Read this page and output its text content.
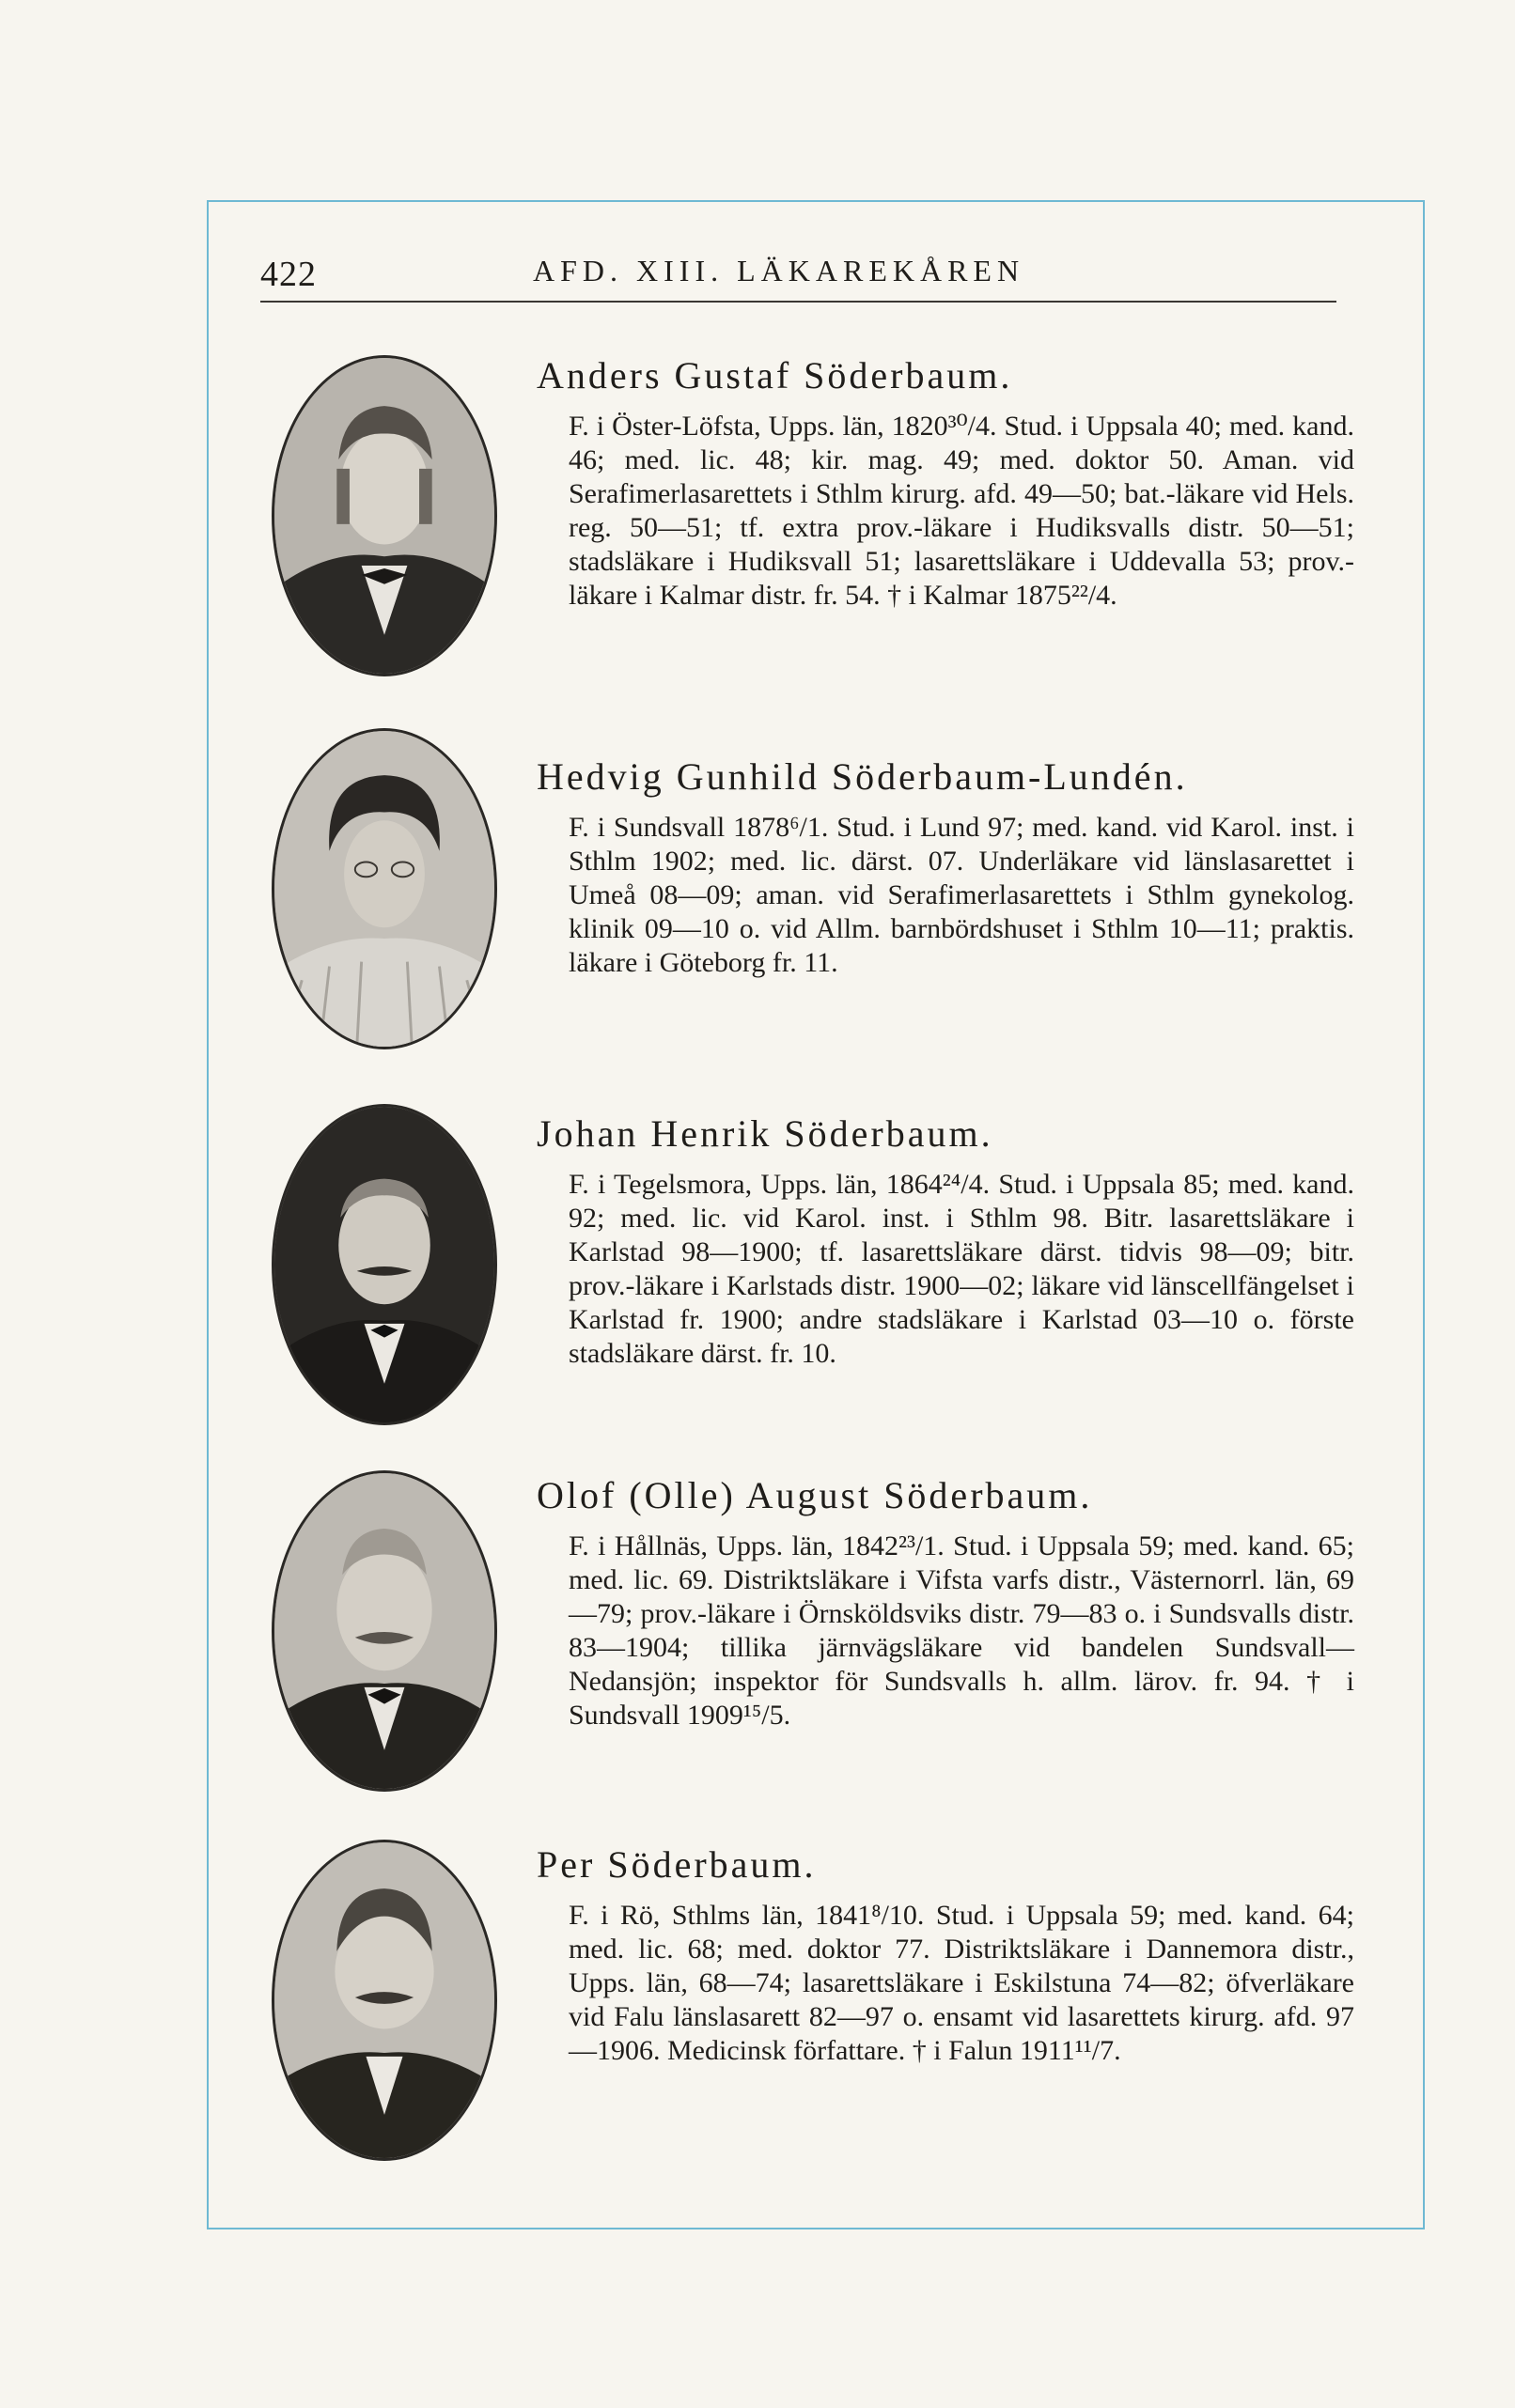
422	AFD. XIII. LÄKAREKÅREN
Anders Gustaf Söderbaum.

F. i Öster-Löfsta, Upps. län, 1820³⁰/4. Stud. i Uppsala 40; med. kand. 46; med. lic. 48; kir. mag. 49; med. doktor 50. Aman. vid Serafimerlasarettets i Sthlm kirurg. afd. 49—50; bat.-läkare vid Hels. reg. 50—51; tf. extra prov.-läkare i Hudiksvalls distr. 50—51; stadsläkare i Hudiksvall 51; lasarettsläkare i Uddevalla 53; prov.-läkare i Kalmar distr. fr. 54. † i Kalmar 1875²²/4.

Hedvig Gunhild Söderbaum-Lundén.

F. i Sundsvall 1878⁶/1. Stud. i Lund 97; med. kand. vid Karol. inst. i Sthlm 1902; med. lic. därst. 07. Underläkare vid länslasarettet i Umeå 08—09; aman. vid Serafimerlasarettets i Sthlm gynekolog. klinik 09—10 o. vid Allm. barnbördshuset i Sthlm 10—11; praktis. läkare i Göteborg fr. 11.

Johan Henrik Söderbaum.

F. i Tegelsmora, Upps. län, 1864²⁴/4. Stud. i Uppsala 85; med. kand. 92; med. lic. vid Karol. inst. i Sthlm 98. Bitr. lasarettsläkare i Karlstad 98—1900; tf. lasarettsläkare därst. tidvis 98—09; bitr. prov.-läkare i Karlstads distr. 1900—02; läkare vid länscellfängelset i Karlstad fr. 1900; andre stadsläkare i Karlstad 03—10 o. förste stadsläkare därst. fr. 10.

Olof (Olle) August Söderbaum.

F. i Hållnäs, Upps. län, 1842²³/1. Stud. i Uppsala 59; med. kand. 65; med. lic. 69. Distriktsläkare i Vifsta varfs distr., Västernorrl. län, 69—79; prov.-läkare i Örnsköldsviks distr. 79—83 o. i Sundsvalls distr. 83—1904; tillika järnvägsläkare vid bandelen Sundsvall—Nedansjön; inspektor för Sundsvalls h. allm. lärov. fr. 94. † i Sundsvall 1909¹⁵/5.

Per Söderbaum.

F. i Rö, Sthlms län, 1841⁸/10. Stud. i Uppsala 59; med. kand. 64; med. lic. 68; med. doktor 77. Distriktsläkare i Dannemora distr., Upps. län, 68—74; lasarettsläkare i Eskilstuna 74—82; öfverläkare vid Falu länslasarett 82—97 o. ensamt vid lasarettets kirurg. afd. 97—1906. Medicinsk författare. † i Falun 1911¹¹/7.
